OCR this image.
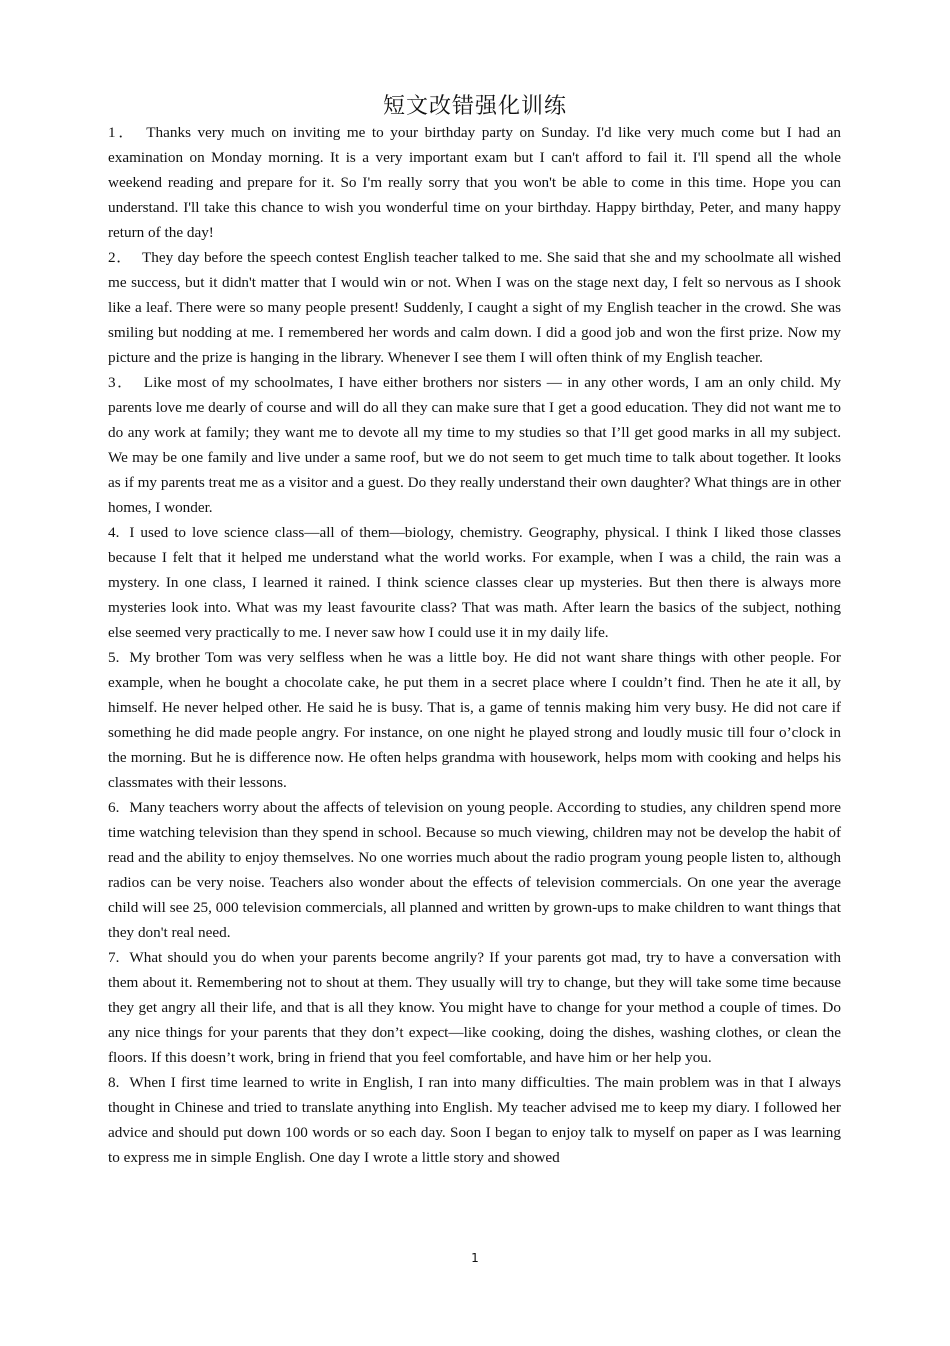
短文改错强化训练

1． Thanks very much on inviting me to your birthday party on Sunday. I'd like very much come but I had an examination on Monday morning. It is a very important exam but I can't afford to fail it. I'll spend all the whole weekend reading and prepare for it. So I'm really sorry that you won't be able to come in this time. Hope you can understand. I'll take this chance to wish you wonderful time on your birthday. Happy birthday, Peter, and many happy return of the day!

2． They day before the speech contest English teacher talked to me. She said that she and my schoolmate all wished me success, but it didn't matter that I would win or not. When I was on the stage next day, I felt so nervous as I shook like a leaf. There were so many people present! Suddenly, I caught a sight of my English teacher in the crowd. She was smiling but nodding at me. I remembered her words and calm down. I did a good job and won the first prize. Now my picture and the prize is hanging in the library. Whenever I see them I will often think of my English teacher.

3． Like most of my schoolmates, I have either brothers nor sisters — in any other words, I am an only child. My parents love me dearly of course and will do all they can make sure that I get a good education. They did not want me to do any work at family; they want me to devote all my time to my studies so that I’ll get good marks in all my subject. We may be one family and live under a same roof, but we do not seem to get much time to talk about together. It looks as if my parents treat me as a visitor and a guest. Do they really understand their own daughter? What things are in other homes, I wonder.

4. I used to love science class—all of them—biology, chemistry. Geography, physical. I think I liked those classes because I felt that it helped me understand what the world works. For example, when I was a child, the rain was a mystery. In one class, I learned it rained. I think science classes clear up mysteries. But then there is always more mysteries look into. What was my least favourite class? That was math. After learn the basics of the subject, nothing else seemed very practically to me. I never saw how I could use it in my daily life.

5. My brother Tom was very selfless when he was a little boy. He did not want share things with other people. For example, when he bought a chocolate cake, he put them in a secret place where I couldn’t find. Then he ate it all, by himself. He never helped other. He said he is busy. That is, a game of tennis making him very busy. He did not care if something he did made people angry. For instance, on one night he played strong and loudly music till four o’clock in the morning. But he is difference now. He often helps grandma with housework, helps mom with cooking and helps his classmates with their lessons.

6. Many teachers worry about the affects of television on young people. According to studies, any children spend more time watching television than they spend in school. Because so much viewing, children may not be develop the habit of read and the ability to enjoy themselves. No one worries much about the radio program young people listen to, although radios can be very noise. Teachers also wonder about the effects of television commercials. On one year the average child will see 25, 000 television commercials, all planned and written by grown-ups to make children to want things that they don't real need.

7. What should you do when your parents become angrily? If your parents got mad, try to have a conversation with them about it. Remembering not to shout at them. They usually will try to change, but they will take some time because they get angry all their life, and that is all they know. You might have to change for your method a couple of times. Do any nice things for your parents that they don’t expect—like cooking, doing the dishes, washing clothes, or clean the floors. If this doesn’t work, bring in friend that you feel comfortable, and have him or her help you.

8. When I first time learned to write in English, I ran into many difficulties. The main problem was in that I always thought in Chinese and tried to translate anything into English. My teacher advised me to keep my diary. I followed her advice and should put down 100 words or so each day. Soon I began to enjoy talk to myself on paper as I was learning to express me in simple English. One day I wrote a little story and showed

1
